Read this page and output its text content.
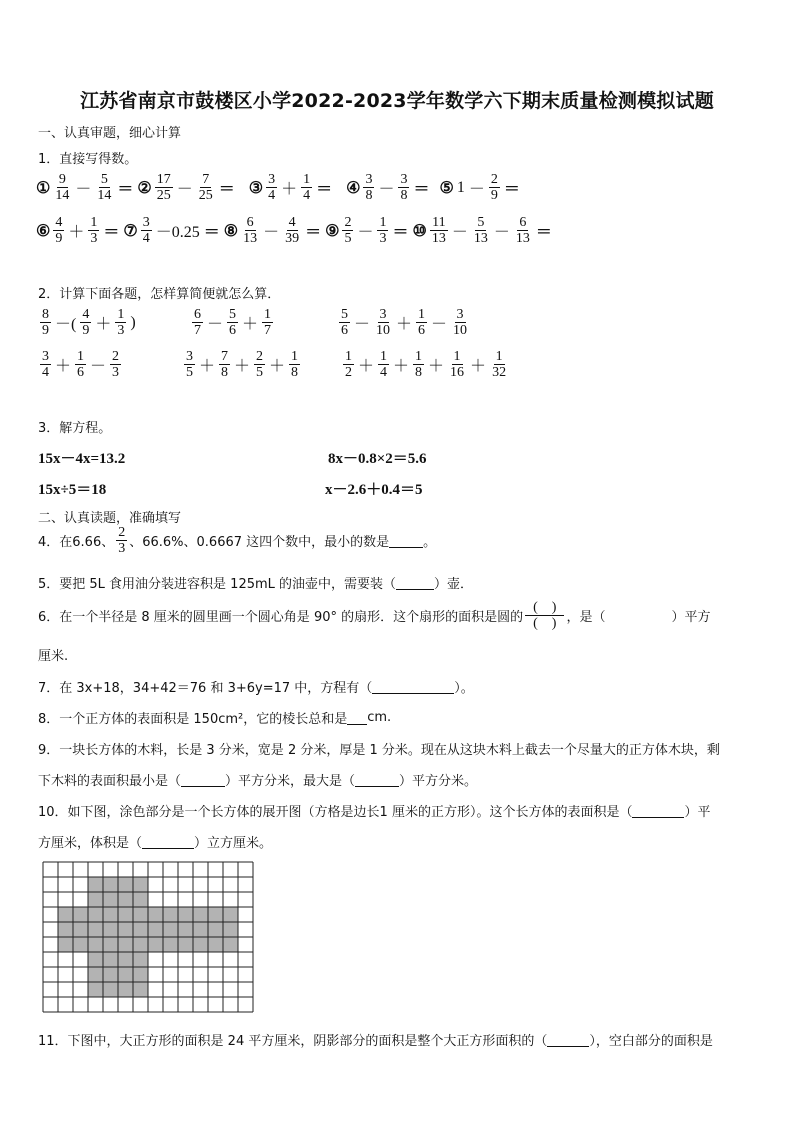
江苏省南京市鼓楼区小学2022-2023学年数学六下期末质量检测模拟试题
一、认真审题，细心计算
1．直接写得数。
① $\frac{9}{14} - \frac{5}{14}$ ＝ ② $\frac{17}{25} - \frac{7}{25}$ ＝ ③ $\frac{3}{4} + \frac{1}{4}$ ＝ ④ $\frac{3}{8} - \frac{3}{8}$ ＝ ⑤ $1 - \frac{2}{9}$ ＝
⑥ $\frac{4}{9} + \frac{1}{3}$ ＝ ⑦ $\frac{3}{4} -0.25$ ＝ ⑧ $\frac{6}{13} - \frac{4}{39}$ ＝ ⑨ $\frac{2}{5} - \frac{1}{3}$ ＝ ⑩ $\frac{11}{13} - \frac{5}{13} - \frac{6}{13}$ ＝
2．计算下面各题，怎样算简便就怎么算．
$\frac{8}{9}$ －( $\frac{4}{9} + \frac{1}{3}$ )	$\frac{6}{7} - \frac{5}{6} + \frac{1}{7}$	$\frac{5}{6} - \frac{3}{10} + \frac{1}{6} - \frac{3}{10}$
$\frac{3}{4} + \frac{1}{6} - \frac{2}{3}$	$\frac{3}{5} + \frac{7}{8} + \frac{2}{5} + \frac{1}{8}$	$\frac{1}{2} + \frac{1}{4} + \frac{1}{8} + \frac{1}{16} + \frac{1}{32}$
3．解方程。
15x－4x=13.2	8x－0.8×2＝5.6
15x÷5＝18	x－2.6＋0.4＝5
二、认真读题，准确填写
4．在6.66、 $\frac{2}{3}$ 、66.6%、0.6667 这四个数中，最小的数是	。
5．要把 5L 食用油分装进容积是 125mL 的油壶中，需要装（	）壶．
6．在一个半径是 8 厘米的圆里画一个圆心角是 90° 的扇形．这个扇形的面积是圆的 $\frac{( )}{( )}$ ，是（	）平方
厘米.
7．在 3x+18，34+42＝76 和 3+6y=17 中，方程有（	）。
8．一个正方体的表面积是 150cm²，它的棱长总和是 cm.
9．一块长方体的木料，长是 3 分米，宽是 2 分米，厚是 1 分米。现在从这块木料上截去一个尽量大的正方体木块，剩
下木料的表面积最小是（	）平方分米，最大是（	）平方分米。
10．如下图，涂色部分是一个长方体的展开图（方格是边长1 厘米的正方形）。这个长方体的表面积是（	）平
方厘米，体积是（	）立方厘米。
11．下图中，大正方形的面积是 24 平方厘米，阴影部分的面积是整个大正方形面积的（	），空白部分的面积是
